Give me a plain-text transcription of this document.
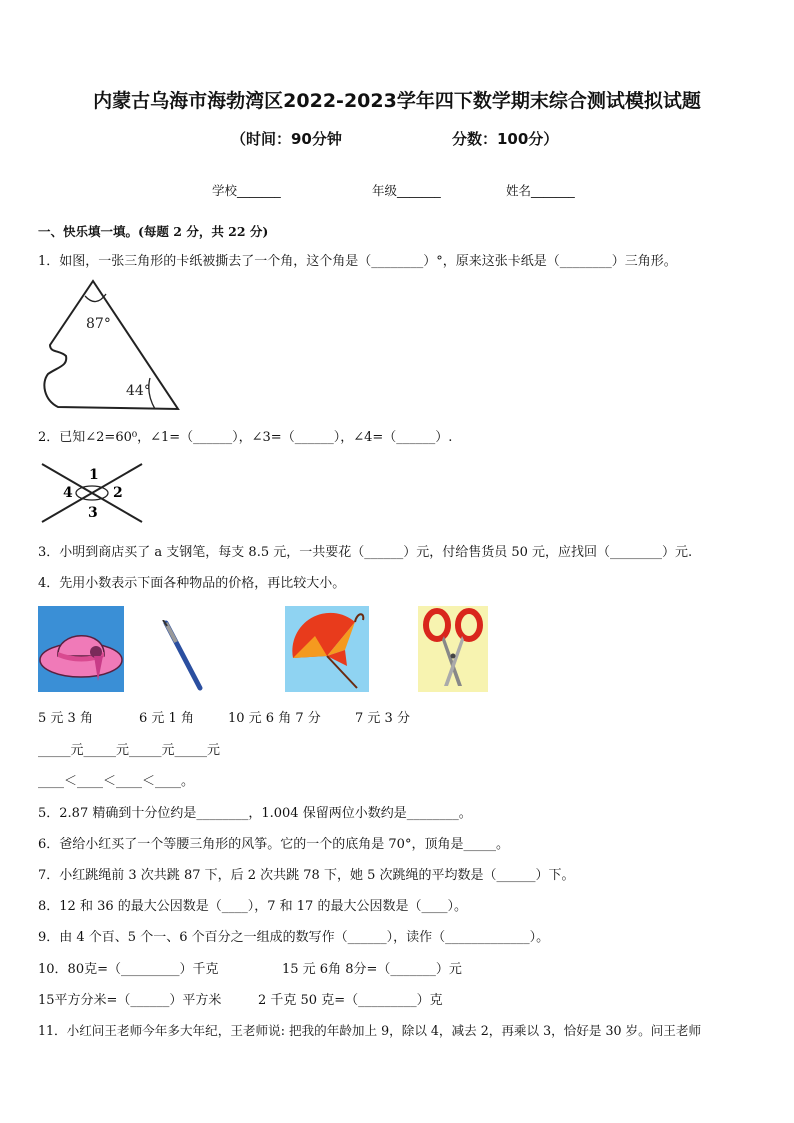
内蒙古乌海市海勃湾区2022-2023学年四下数学期末综合测试模拟试题
（时间：90分钟	分数：100分）
学校_______	年级_______	姓名_______
一、快乐填一填。(每题 2 分，共 22 分)
1．如图，一张三角形的卡纸被撕去了一个角，这个角是（________）°，原来这张卡纸是（________）三角形。
87°
44°
2．已知∠2=60⁰，∠1=（______），∠3=（______），∠4=（______）.
1
2
3
4
3．小明到商店买了 a 支钢笔，每支 8.5 元，一共要花（______）元，付给售货员 50 元，应找回（________）元.
4．先用小数表示下面各种物品的价格，再比较大小。
5 元 3 角	6 元 1 角	10 元 6 角 7 分	7 元 3 分
_____元_____元_____元_____元
____＜____＜____＜____。
5．2.87 精确到十分位约是________，1.004 保留两位小数约是________。
6．爸给小红买了一个等腰三角形的风筝。它的一个的底角是 70°，顶角是_____。
7．小红跳绳前 3 次共跳 87 下，后 2 次共跳 78 下，她 5 次跳绳的平均数是（______）下。
8．12 和 36 的最大公因数是（____），7 和 17 的最大公因数是（____）。
9．由 4 个百、5 个一、6 个百分之一组成的数写作（______），读作（_____________）。
10．80克=（_________）千克	15 元 6角 8分=（_______）元
15平方分米=（______）平方米	2 千克 50 克=（_________）克
11．小红问王老师今年多大年纪，王老师说: 把我的年龄加上 9，除以 4，减去 2，再乘以 3，恰好是 30 岁。问王老师
